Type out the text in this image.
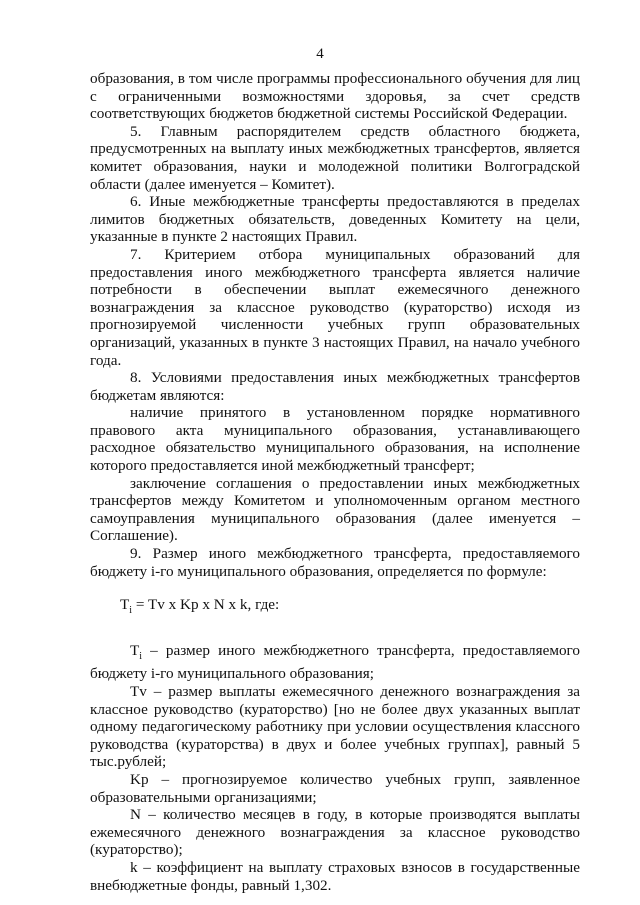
4

образования, в том числе программы профессионального обучения для лиц с ограниченными возможностями здоровья, за счет средств соответствующих бюджетов бюджетной системы Российской Федерации.

5. Главным распорядителем средств областного бюджета, предусмотренных на выплату иных межбюджетных трансфертов, является комитет образования, науки и молодежной политики Волгоградской области (далее именуется – Комитет).

6. Иные межбюджетные трансферты предоставляются в пределах лимитов бюджетных обязательств, доведенных Комитету на цели, указанные в пункте 2 настоящих Правил.

7. Критерием отбора муниципальных образований для предоставления иного межбюджетного трансферта является наличие потребности в обеспечении выплат ежемесячного денежного вознаграждения за классное руководство (кураторство) исходя из прогнозируемой численности учебных групп образовательных организаций, указанных в пункте 3 настоящих Правил, на начало учебного года.

8. Условиями предоставления иных межбюджетных трансфертов бюджетам являются:

наличие принятого в установленном порядке нормативного правового акта муниципального образования, устанавливающего расходное обязательство муниципального образования, на исполнение которого предоставляется иной межбюджетный трансферт;

заключение соглашения о предоставлении иных межбюджетных трансфертов между Комитетом и уполномоченным органом местного самоуправления муниципального образования (далее именуется – Соглашение).

9. Размер иного межбюджетного трансферта, предоставляемого бюджету i-го муниципального образования, определяется по формуле:

$T_i = Tv$ x Kp x N x k, где:

$T_i$ – размер иного межбюджетного трансферта, предоставляемого бюджету i-го муниципального образования;

Tv – размер выплаты ежемесячного денежного вознаграждения за классное руководство (кураторство) [но не более двух указанных выплат одному педагогическому работнику при условии осуществления классного руководства (кураторства) в двух и более учебных группах], равный 5 тыс.рублей;

Kp – прогнозируемое количество учебных групп, заявленное образовательными организациями;

N – количество месяцев в году, в которые производятся выплаты ежемесячного денежного вознаграждения за классное руководство (кураторство);

k – коэффициент на выплату страховых взносов в государственные внебюджетные фонды, равный 1,302.
